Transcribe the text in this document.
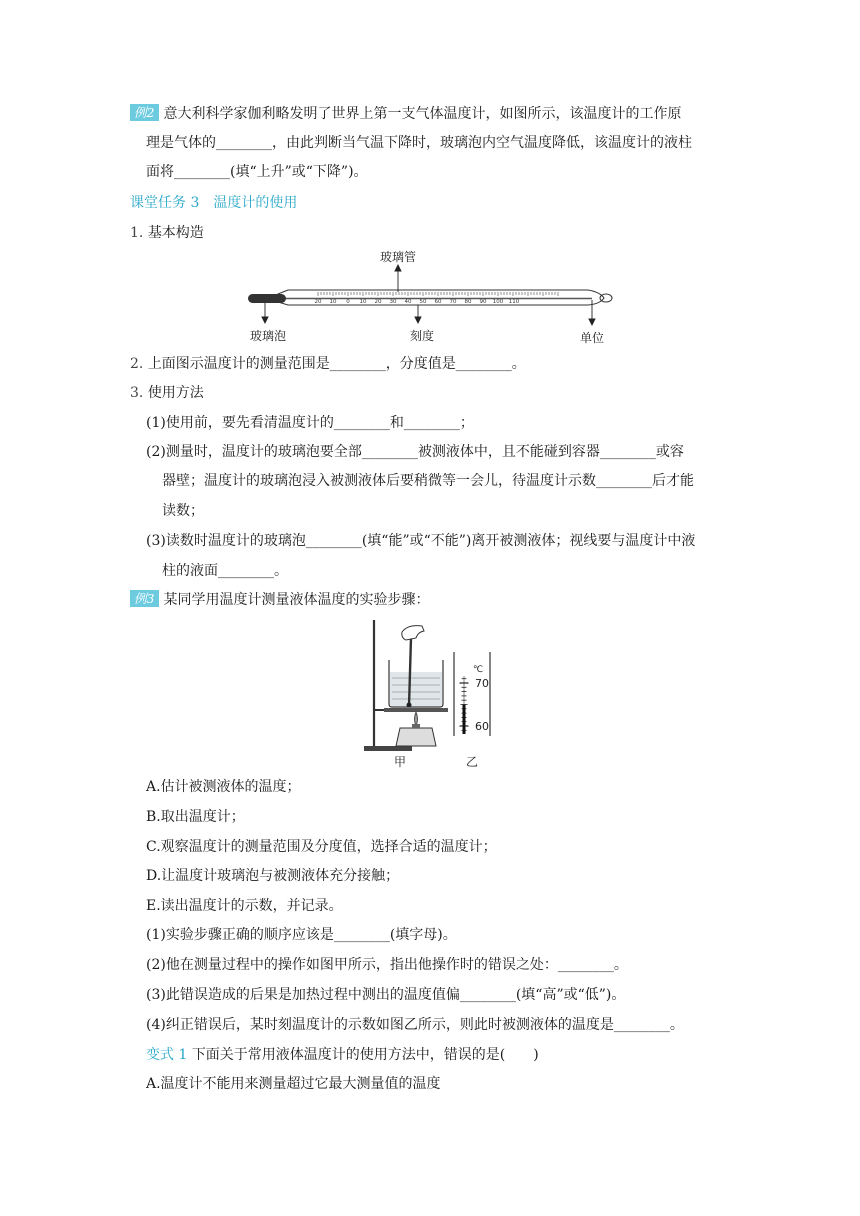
例2 意大利科学家伽利略发明了世界上第一支气体温度计，如图所示，该温度计的工作原
理是气体的________，由此判断当气温下降时，玻璃泡内空气温度降低，该温度计的液柱
面将________(填“上升”或“下降”)。
课堂任务 3　温度计的使用
1. 基本构造
20 10 0 10 20 30 40 50 60 70 80 90 100 110
玻璃管
玻璃泡	刻度	单位
2. 上面图示温度计的测量范围是________，分度值是________。
3. 使用方法
(1)使用前，要先看清温度计的________和________；
(2)测量时，温度计的玻璃泡要全部________被测液体中，且不能碰到容器________或容
器壁；温度计的玻璃泡浸入被测液体后要稍微等一会儿，待温度计示数________后才能
读数；
(3)读数时温度计的玻璃泡________(填“能”或“不能”)离开被测液体；视线要与温度计中液
柱的液面________。
例3 某同学用温度计测量液体温度的实验步骤：
℃
70
60
甲	乙
A.估计被测液体的温度；
B.取出温度计；
C.观察温度计的测量范围及分度值，选择合适的温度计；
D.让温度计玻璃泡与被测液体充分接触；
E.读出温度计的示数，并记录。
(1)实验步骤正确的顺序应该是________(填字母)。
(2)他在测量过程中的操作如图甲所示，指出他操作时的错误之处：________。
(3)此错误造成的后果是加热过程中测出的温度值偏________(填“高”或“低”)。
(4)纠正错误后，某时刻温度计的示数如图乙所示，则此时被测液体的温度是________。
变式 1 下面关于常用液体温度计的使用方法中，错误的是(　　)
A.温度计不能用来测量超过它最大测量值的温度
